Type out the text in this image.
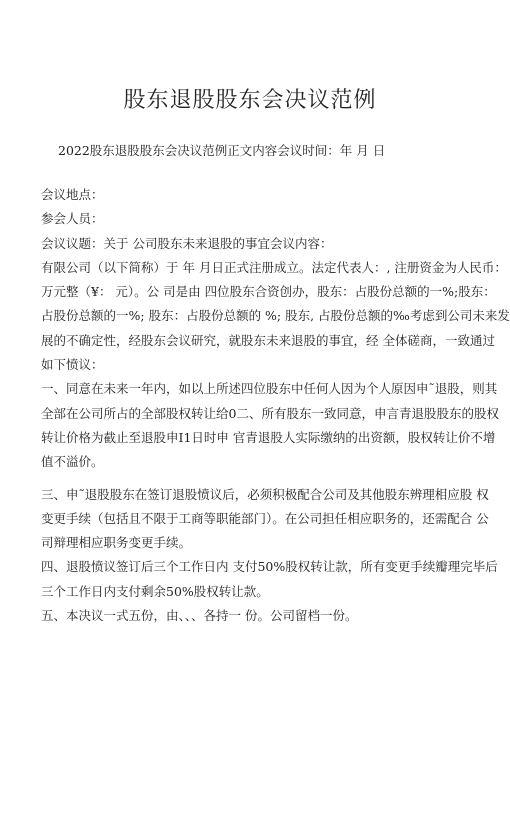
股东退股股东会决议范例
2022股东退股股东会决议范例正文内容会议时间：年 月 日
会议地点：
参会人员：
会议议题：关于 公司股东未来退股的事宜会议内容：
有限公司（以下简称）于 年 月日正式注册成立。法定代表人：, 注册资金为人民币：
万元整（¥： 元）。公 司是由 四位股东合资创办，股东：占股份总额的一%;股东：
占股份总额的一%; 股东：占股份总额的 %; 股东, 占股份总额的‰考虑到公司未来发
展的不确定性，经股东会议研究，就股东未来退股的事宜，经 全体磋商，一致通过
如下愤议：
一、同意在未来一年内，如以上所述四位股东中任何人因为个人原因申˜退股，则其
全部在公司所占的全部股权转让给0二、所有股东一致同意，申言青退股股东的股权
转让价格为截止至退股申I1日时申 官青退股人实际缴纳的出资额，股权转让价不增
值不溢价。
三、申˜退股股东在签订退股愤议后，必须积极配合公司及其他股东辨理相应股 权
变更手续（包括且不限于工商等职能部门）。在公司担任相应职务的，还需配合 公
司辩理相应职务变更手续。
四、退股愤议签订后三个工作日内 支付50%股权转让款，所有变更手续瓣理完毕后
三个工作日内支付剩余50%股权转让款。
五、本决议一式五份，由、、、各持一 份。公司留档一份。
